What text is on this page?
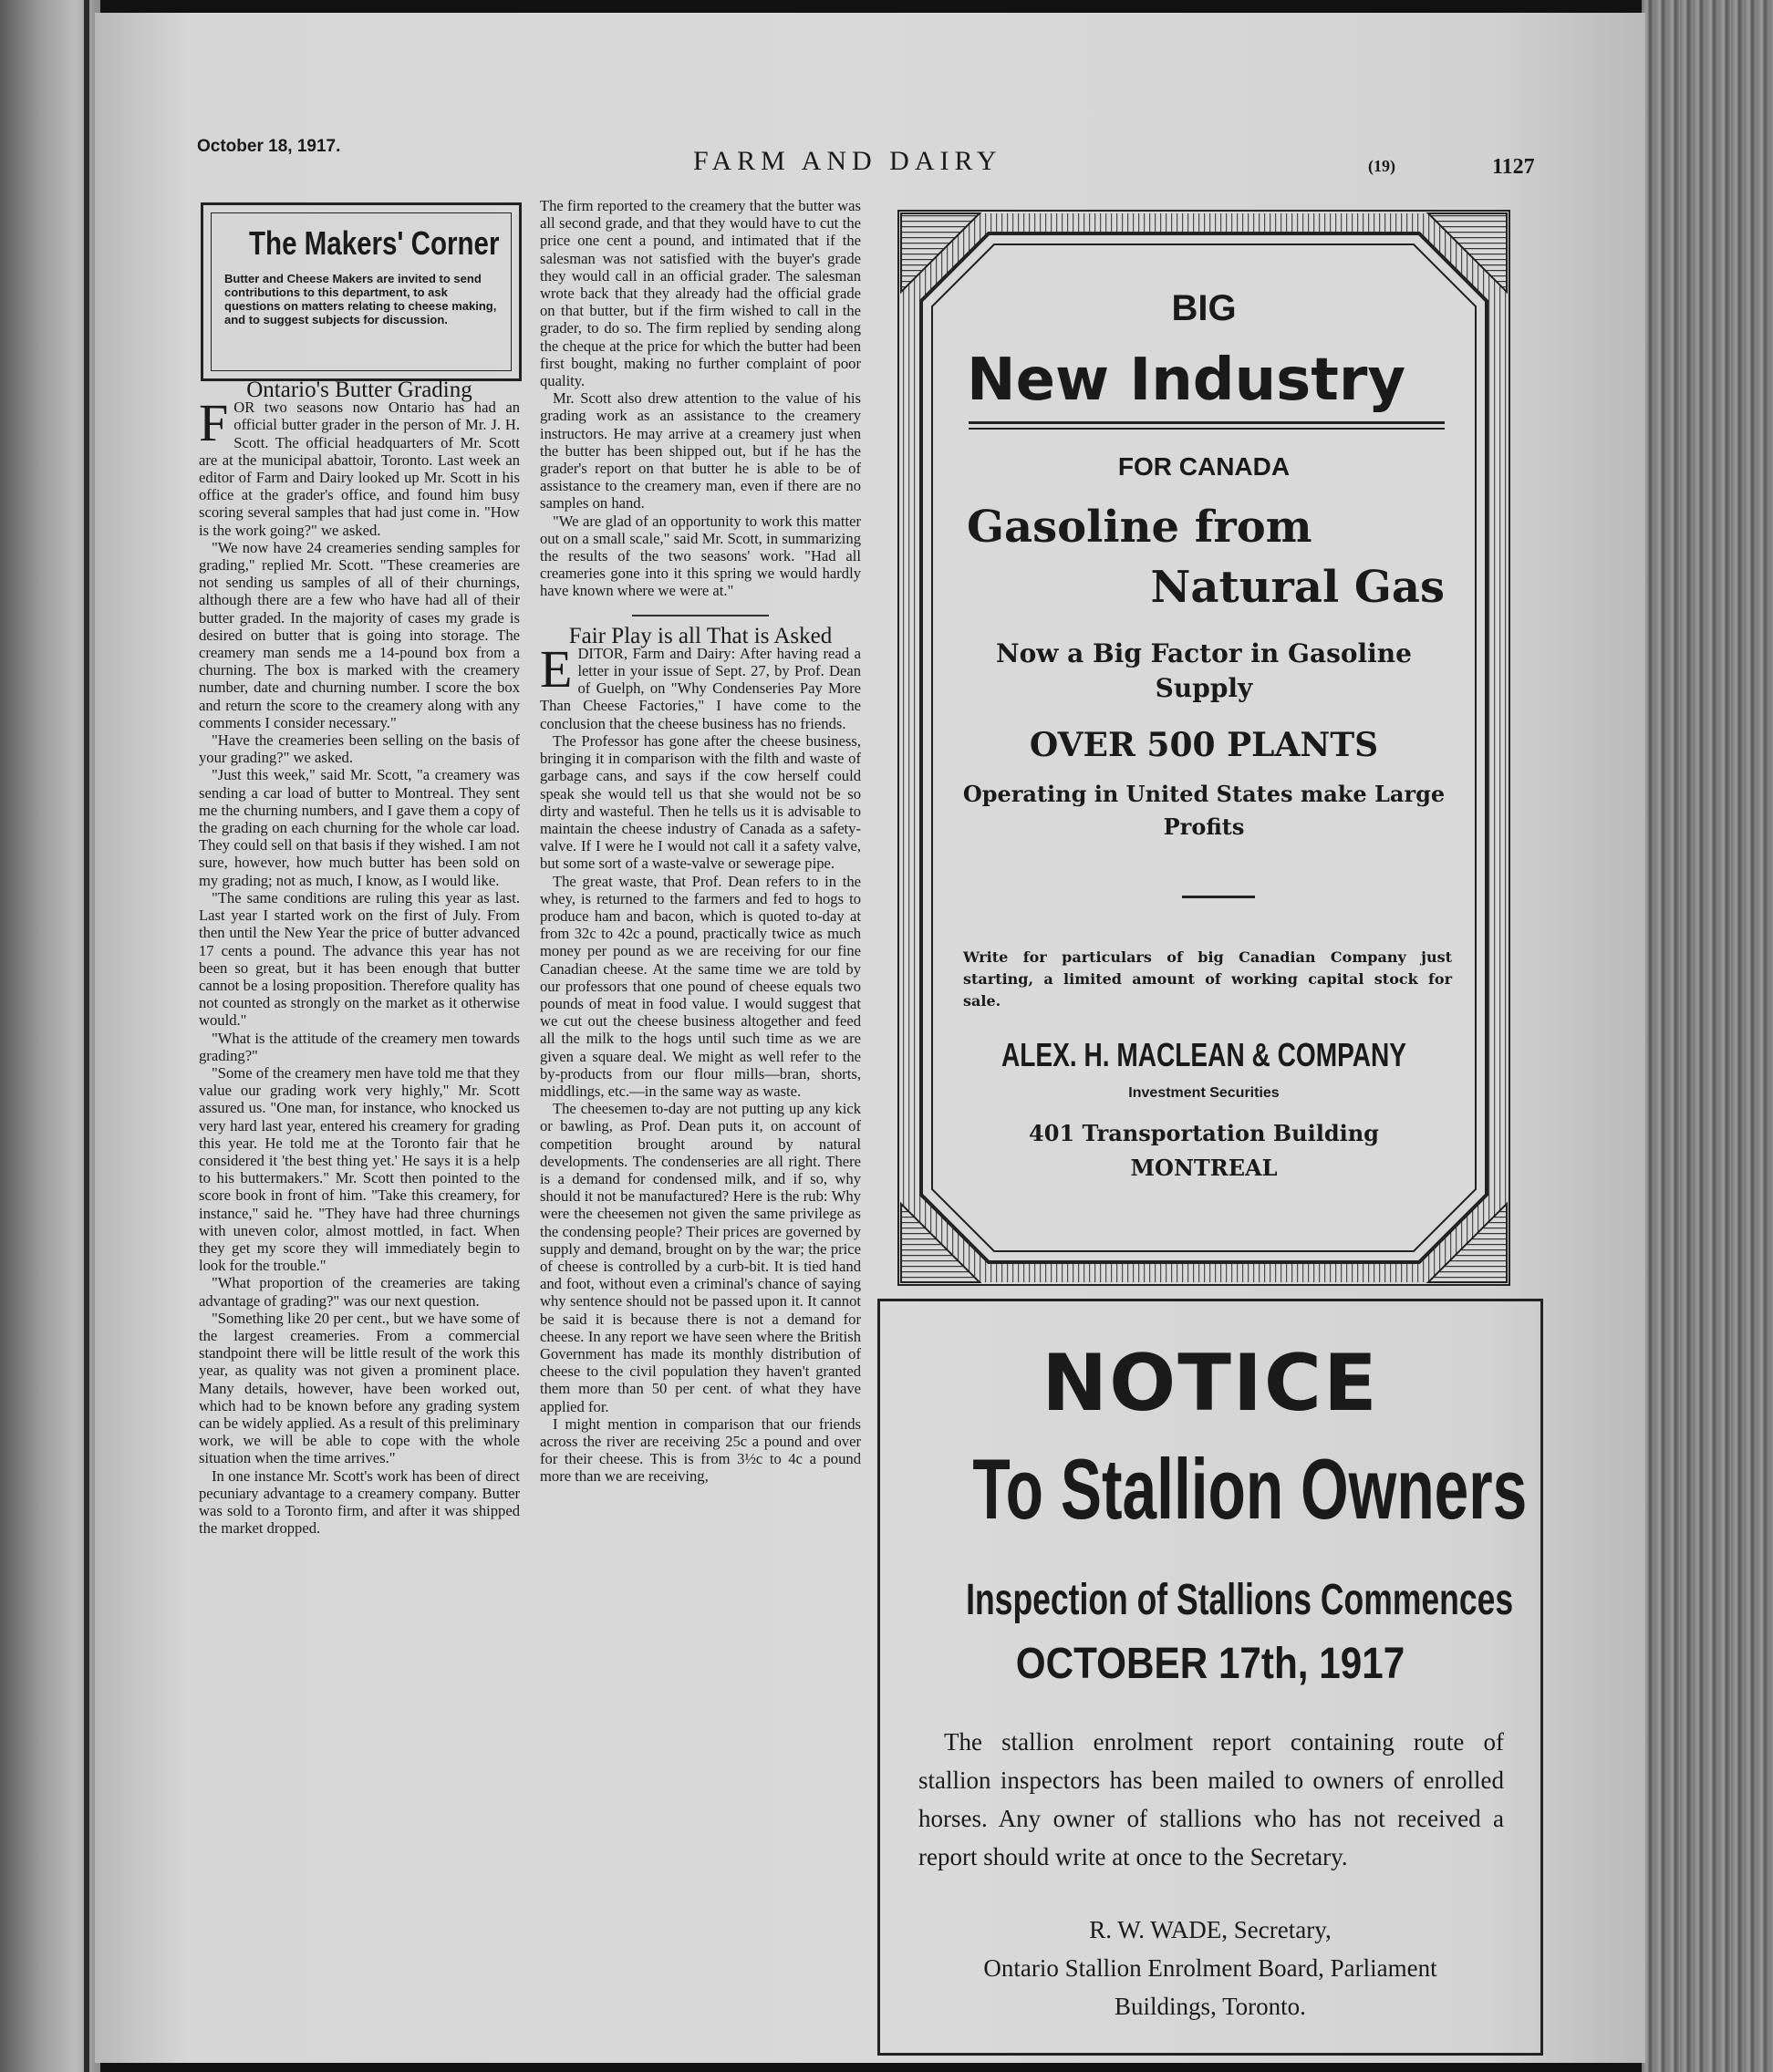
October 18, 1917.	FARM AND DAIRY	(19)	1127
The Makers' Corner
Butter and Cheese Makers are invited to send contributions to this department, to ask questions on matters relating to cheese making, and to suggest subjects for discussion.

Ontario's Butter Grading

FOR two seasons now Ontario has had an official butter grader in the person of Mr. J. H. Scott. The official headquarters of Mr. Scott are at the municipal abattoir, Toronto. Last week an editor of Farm and Dairy looked up Mr. Scott in his office at the grader's office, and found him busy scoring several samples that had just come in. "How is the work going?" we asked.

"We now have 24 creameries sending samples for grading," replied Mr. Scott. "These creameries are not sending us samples of all of their churnings, although there are a few who have had all of their butter graded. In the majority of cases my grade is desired on butter that is going into storage. The creamery man sends me a 14-pound box from a churning. The box is marked with the creamery number, date and churning number. I score the box and return the score to the creamery along with any comments I consider necessary."

"Have the creameries been selling on the basis of your grading?" we asked.

"Just this week," said Mr. Scott, "a creamery was sending a car load of butter to Montreal. They sent me the churning numbers, and I gave them a copy of the grading on each churning for the whole car load. They could sell on that basis if they wished. I am not sure, however, how much butter has been sold on my grading; not as much, I know, as I would like.

"The same conditions are ruling this year as last. Last year I started work on the first of July. From then until the New Year the price of butter advanced 17 cents a pound. The advance this year has not been so great, but it has been enough that butter cannot be a losing proposition. Therefore quality has not counted as strongly on the market as it otherwise would."

"What is the attitude of the creamery men towards grading?"

"Some of the creamery men have told me that they value our grading work very highly," Mr. Scott assured us. "One man, for instance, who knocked us very hard last year, entered his creamery for grading this year. He told me at the Toronto fair that he considered it 'the best thing yet.' He says it is a help to his buttermakers." Mr. Scott then pointed to the score book in front of him. "Take this creamery, for instance," said he. "They have had three churnings with uneven color, almost mottled, in fact. When they get my score they will immediately begin to look for the trouble."

"What proportion of the creameries are taking advantage of grading?" was our next question.

"Something like 20 per cent., but we have some of the largest creameries. From a commercial standpoint there will be little result of the work this year, as quality was not given a prominent place. Many details, however, have been worked out, which had to be known before any grading system can be widely applied. As a result of this preliminary work, we will be able to cope with the whole situation when the time arrives."

In one instance Mr. Scott's work has been of direct pecuniary advantage to a creamery company. Butter was sold to a Toronto firm, and after it was shipped the market dropped.

The firm reported to the creamery that the butter was all second grade, and that they would have to cut the price one cent a pound, and intimated that if the salesman was not satisfied with the buyer's grade they would call in an official grader. The salesman wrote back that they already had the official grade on that butter, but if the firm wished to call in the grader, to do so. The firm replied by sending along the cheque at the price for which the butter had been first bought, making no further complaint of poor quality.

Mr. Scott also drew attention to the value of his grading work as an assistance to the creamery instructors. He may arrive at a creamery just when the butter has been shipped out, but if he has the grader's report on that butter he is able to be of assistance to the creamery man, even if there are no samples on hand.

"We are glad of an opportunity to work this matter out on a small scale," said Mr. Scott, in summarizing the results of the two seasons' work. "Had all creameries gone into it this spring we would hardly have known where we were at."

Fair Play is all That is Asked

EDITOR, Farm and Dairy: After having read a letter in your issue of Sept. 27, by Prof. Dean of Guelph, on "Why Condenseries Pay More Than Cheese Factories," I have come to the conclusion that the cheese business has no friends.

The Professor has gone after the cheese business, bringing it in comparison with the filth and waste of garbage cans, and says if the cow herself could speak she would tell us that she would not be so dirty and wasteful. Then he tells us it is advisable to maintain the cheese industry of Canada as a safety-valve. If I were he I would not call it a safety valve, but some sort of a waste-valve or sewerage pipe.

The great waste, that Prof. Dean refers to in the whey, is returned to the farmers and fed to hogs to produce ham and bacon, which is quoted to-day at from 32c to 42c a pound, practically twice as much money per pound as we are receiving for our fine Canadian cheese. At the same time we are told by our professors that one pound of cheese equals two pounds of meat in food value. I would suggest that we cut out the cheese business altogether and feed all the milk to the hogs until such time as we are given a square deal. We might as well refer to the by-products from our flour mills—bran, shorts, middlings, etc.—in the same way as waste.

The cheesemen to-day are not putting up any kick or bawling, as Prof. Dean puts it, on account of competition brought around by natural developments. The condenseries are all right. There is a demand for condensed milk, and if so, why should it not be manufactured? Here is the rub: Why were the cheesemen not given the same privilege as the condensing people? Their prices are governed by supply and demand, brought on by the war; the price of cheese is controlled by a curb-bit. It is tied hand and foot, without even a criminal's chance of saying why sentence should not be passed upon it. It cannot be said it is because there is not a demand for cheese. In any report we have seen where the British Government has made its monthly distribution of cheese to the civil population they haven't granted them more than 50 per cent. of what they have applied for.

I might mention in comparison that our friends across the river are receiving 25c a pound and over for their cheese. This is from 3½c to 4c a pound more than we are receiving,

BIG
New Industry
FOR CANADA
Gasoline from
Natural Gas
Now a Big Factor in Gasoline
Supply
OVER 500 PLANTS
Operating in United States make Large
Profits
Write for particulars of big Canadian Company just starting, a limited amount of working capital stock for sale.
ALEX. H. MACLEAN & COMPANY
Investment Securities
401 Transportation Building
MONTREAL
NOTICE
To Stallion Owners
Inspection of Stallions Commences
OCTOBER 17th, 1917

The stallion enrolment report containing route of stallion inspectors has been mailed to owners of enrolled horses. Any owner of stallions who has not received a report should write at once to the Secretary.

R. W. WADE, Secretary,
Ontario Stallion Enrolment Board, Parliament
Buildings, Toronto.
